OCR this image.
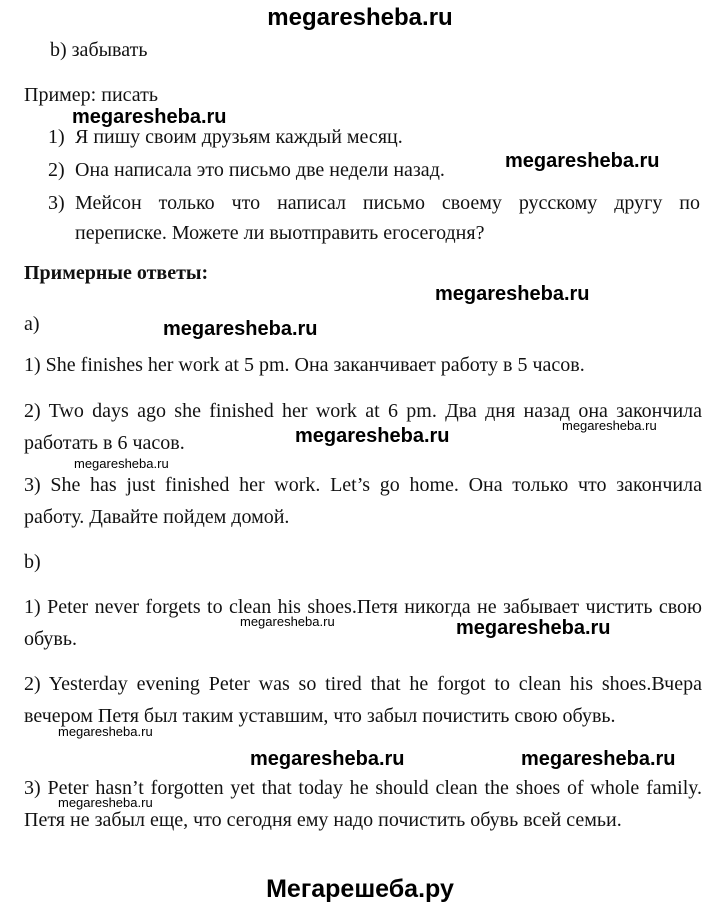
megaresheba.ru
b) забывать
Пример: писать
1) Я пишу своим друзьям каждый месяц.
2) Она написала это письмо две недели назад.
3) Мейсон только что написал письмо своему русскому другу по переписке. Можете ли выотправить егосегодня?
Примерные ответы:
а)
1) She finishes her work at 5 pm. Она заканчивает работу в 5 часов.
2) Two days ago she finished her work at 6 pm. Два дня назад она закончила работать в 6 часов.
3) She has just finished her work. Let’s go home. Она только что закончила работу. Давайте пойдем домой.
b)
1) Peter never forgets to clean his shoes.Петя никогда не забывает чистить свою обувь.
2) Yesterday evening Peter was so tired that he forgot to clean his shoes.Вчера вечером Петя был таким уставшим, что забыл почистить свою обувь.
3) Peter hasn’t forgotten yet that today he should clean the shoes of whole family. Петя не забыл еще, что сегодня ему надо почистить обувь всей семьи.
megaresheba.ru
megaresheba.ru
megaresheba.ru
megaresheba.ru
megaresheba.ru
megaresheba.ru
megaresheba.ru
megaresheba.ru	megaresheba.ru
megaresheba.ru
megaresheba.ru	megaresheba.ru
megaresheba.ru
Мегарешеба.ру
